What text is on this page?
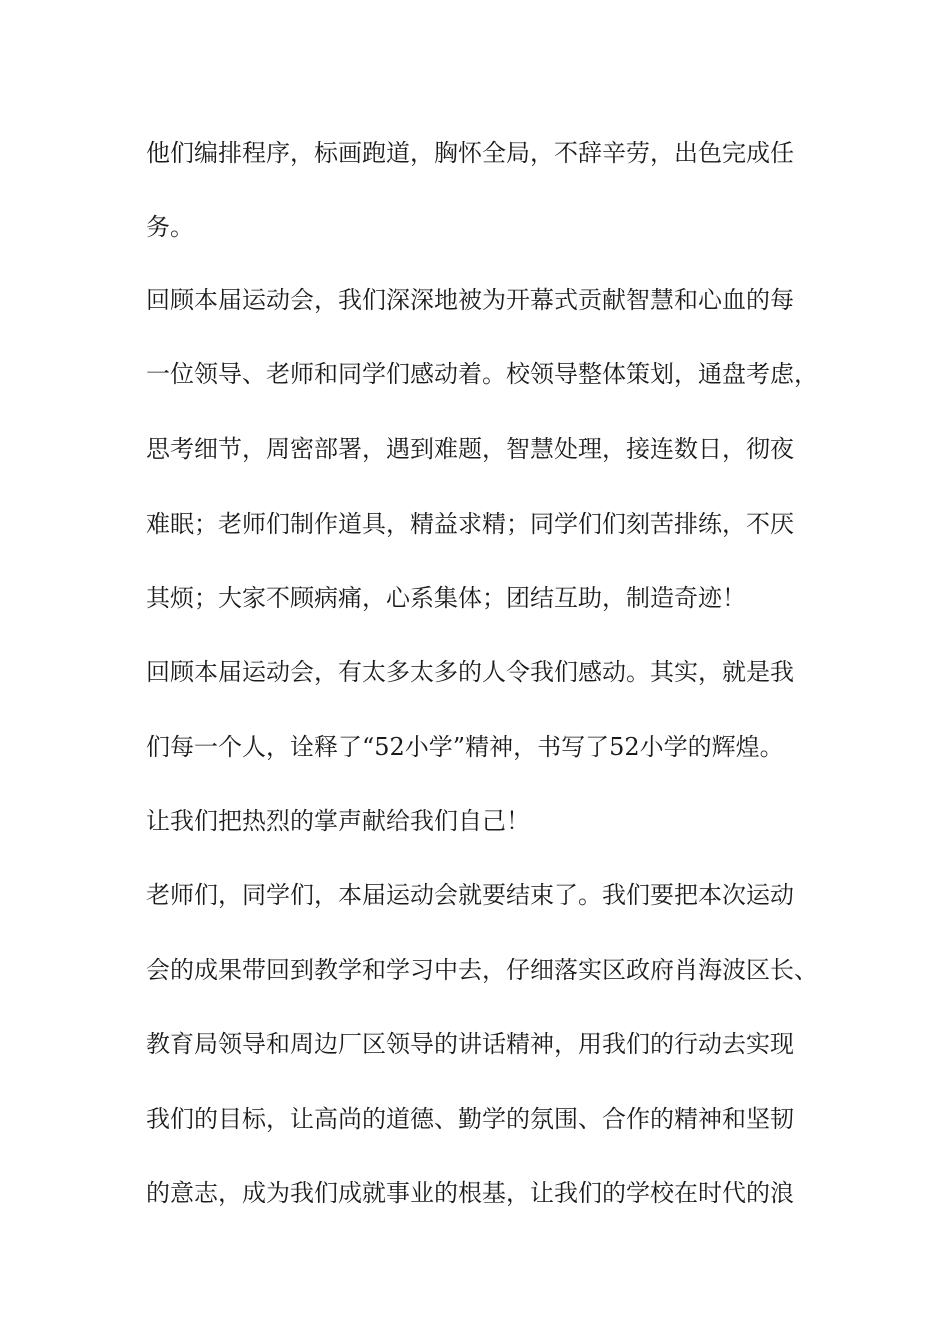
他们编排程序，标画跑道，胸怀全局，不辞辛劳，出色完成任

务。

回顾本届运动会，我们深深地被为开幕式贡献智慧和心血的每

一位领导、老师和同学们感动着。校领导整体策划，通盘考虑，

思考细节，周密部署，遇到难题，智慧处理，接连数日，彻夜

难眠；老师们制作道具，精益求精；同学们们刻苦排练，不厌

其烦；大家不顾病痛，心系集体；团结互助，制造奇迹！

回顾本届运动会，有太多太多的人令我们感动。其实，就是我

们每一个人，诠释了“52小学”精神，书写了52小学的辉煌。

让我们把热烈的掌声献给我们自己！

老师们，同学们，本届运动会就要结束了。我们要把本次运动

会的成果带回到教学和学习中去，仔细落实区政府肖海波区长、

教育局领导和周边厂区领导的讲话精神，用我们的行动去实现

我们的目标，让高尚的道德、勤学的氛围、合作的精神和坚韧

的意志，成为我们成就事业的根基，让我们的学校在时代的浪
